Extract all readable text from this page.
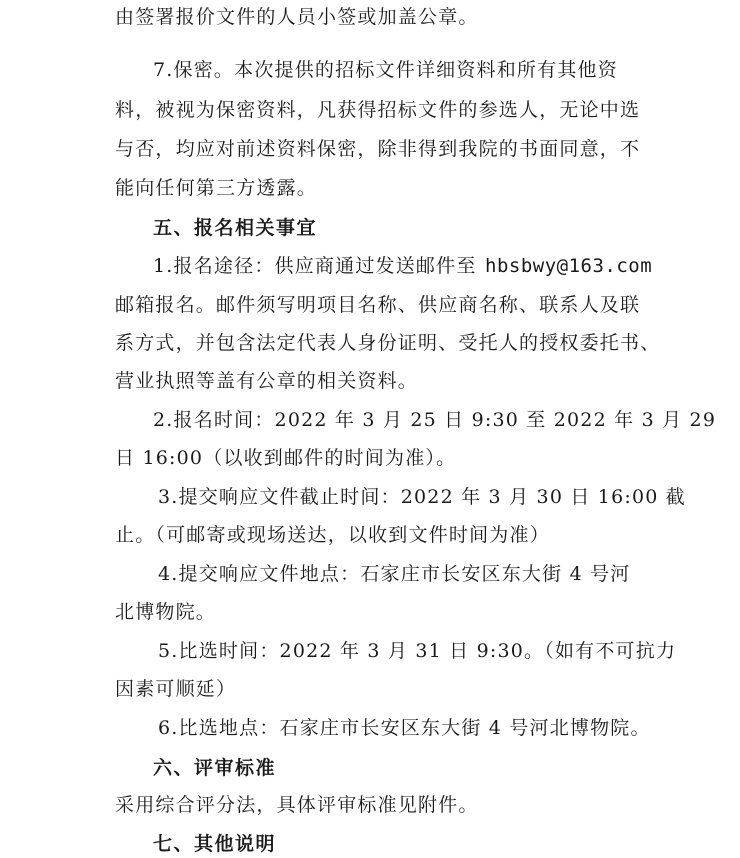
由签署报价文件的人员小签或加盖公章。
7.保密。本次提供的招标文件详细资料和所有其他资
料，被视为保密资料，凡获得招标文件的参选人，无论中选
与否，均应对前述资料保密，除非得到我院的书面同意，不
能向任何第三方透露。
五、报名相关事宜
1.报名途径：供应商通过发送邮件至 hbsbwy@163.com
邮箱报名。邮件须写明项目名称、供应商名称、联系人及联
系方式，并包含法定代表人身份证明、受托人的授权委托书、
营业执照等盖有公章的相关资料。
2.报名时间：2022 年 3 月 25 日 9:30 至 2022 年 3 月 29
日 16:00（以收到邮件的时间为准）。
3.提交响应文件截止时间：2022 年 3 月 30 日 16:00 截
止。（可邮寄或现场送达，以收到文件时间为准）
4.提交响应文件地点：石家庄市长安区东大街 4 号河
北博物院。
5.比选时间：2022 年 3 月 31 日 9:30。（如有不可抗力
因素可顺延）
6.比选地点：石家庄市长安区东大街 4 号河北博物院。
六、评审标准
采用综合评分法，具体评审标准见附件。
七、其他说明
